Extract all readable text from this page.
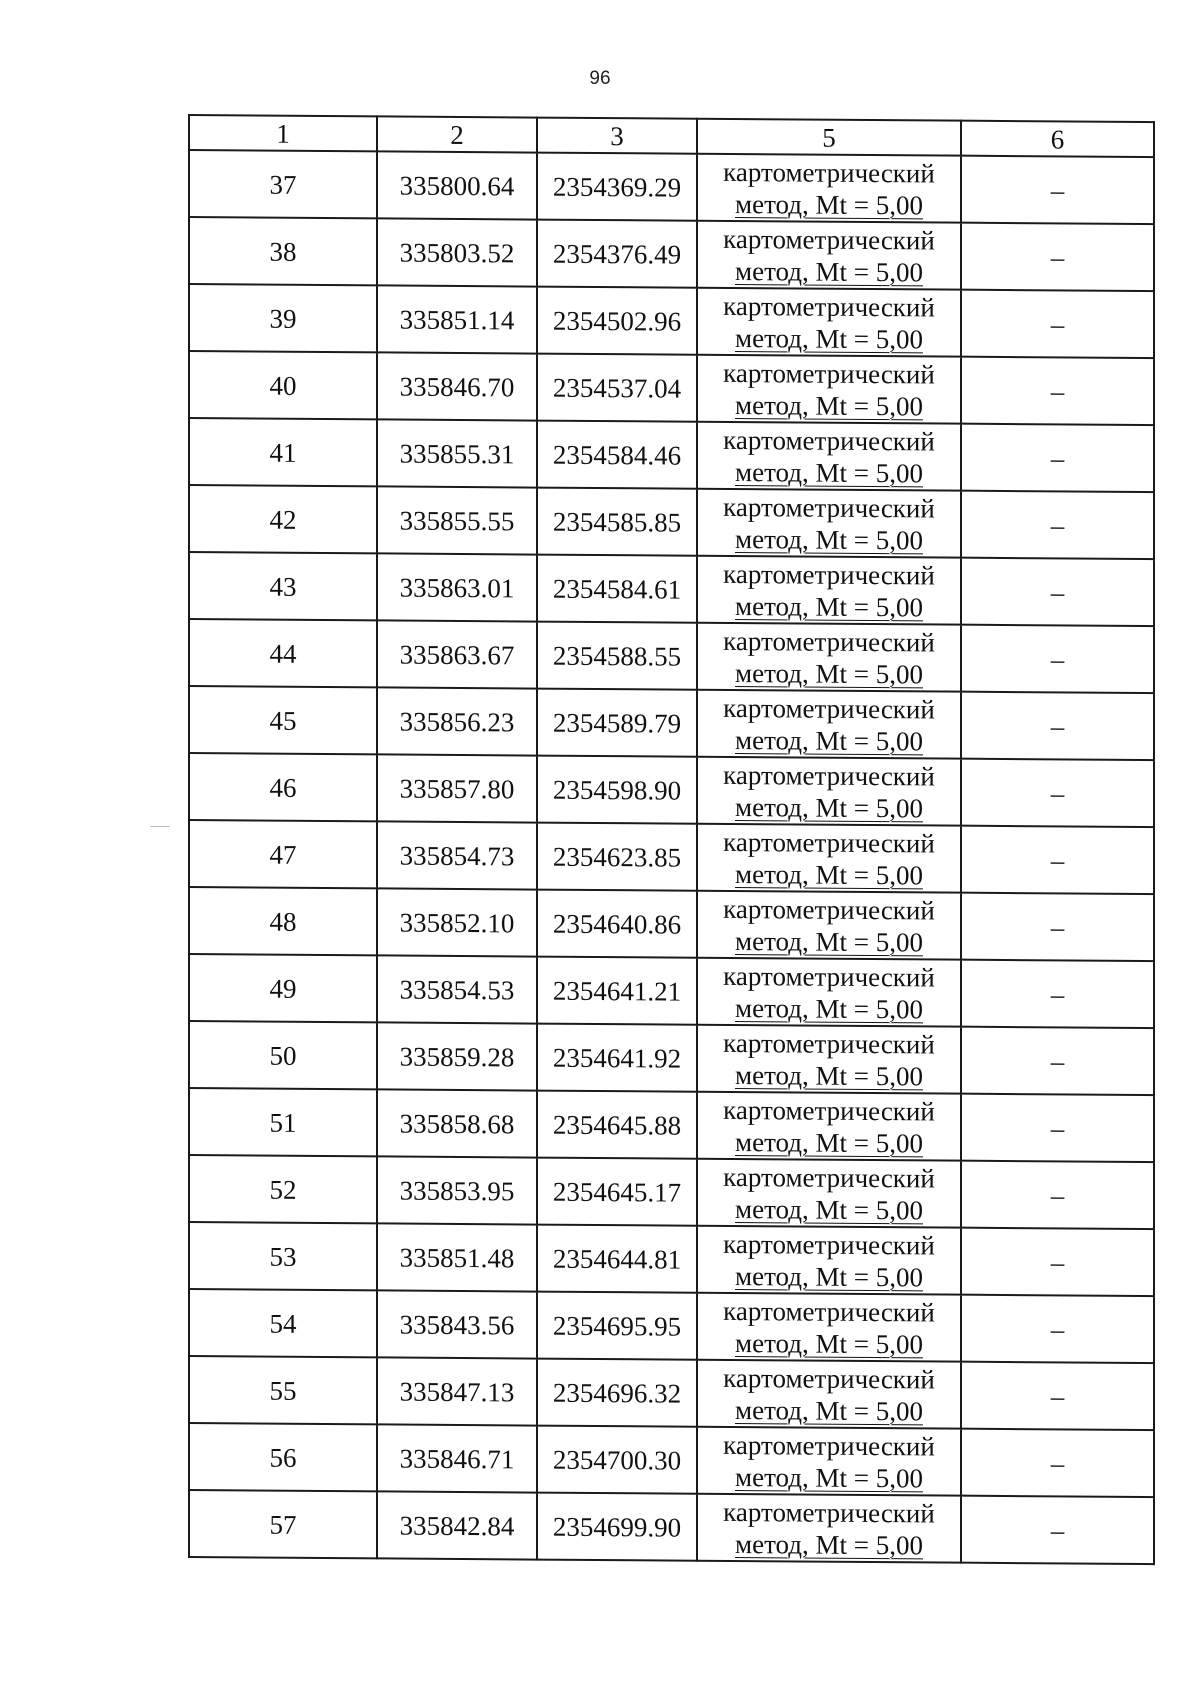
96
1	2	3	5	6
37	335800.64	2354369.29	картометрический
метод, Mt = 5,00	–
38	335803.52	2354376.49	картометрический
метод, Mt = 5,00	–
39	335851.14	2354502.96	картометрический
метод, Mt = 5,00	–
40	335846.70	2354537.04	картометрический
метод, Mt = 5,00	–
41	335855.31	2354584.46	картометрический
метод, Mt = 5,00	–
42	335855.55	2354585.85	картометрический
метод, Mt = 5,00	–
43	335863.01	2354584.61	картометрический
метод, Mt = 5,00	–
44	335863.67	2354588.55	картометрический
метод, Mt = 5,00	–
45	335856.23	2354589.79	картометрический
метод, Mt = 5,00	–
46	335857.80	2354598.90	картометрический
метод, Mt = 5,00	–
47	335854.73	2354623.85	картометрический
метод, Mt = 5,00	–
48	335852.10	2354640.86	картометрический
метод, Mt = 5,00	–
49	335854.53	2354641.21	картометрический
метод, Mt = 5,00	–
50	335859.28	2354641.92	картометрический
метод, Mt = 5,00	–
51	335858.68	2354645.88	картометрический
метод, Mt = 5,00	–
52	335853.95	2354645.17	картометрический
метод, Mt = 5,00	–
53	335851.48	2354644.81	картометрический
метод, Mt = 5,00	–
54	335843.56	2354695.95	картометрический
метод, Mt = 5,00	–
55	335847.13	2354696.32	картометрический
метод, Mt = 5,00	–
56	335846.71	2354700.30	картометрический
метод, Mt = 5,00	–
57	335842.84	2354699.90	картометрический
метод, Mt = 5,00	–
